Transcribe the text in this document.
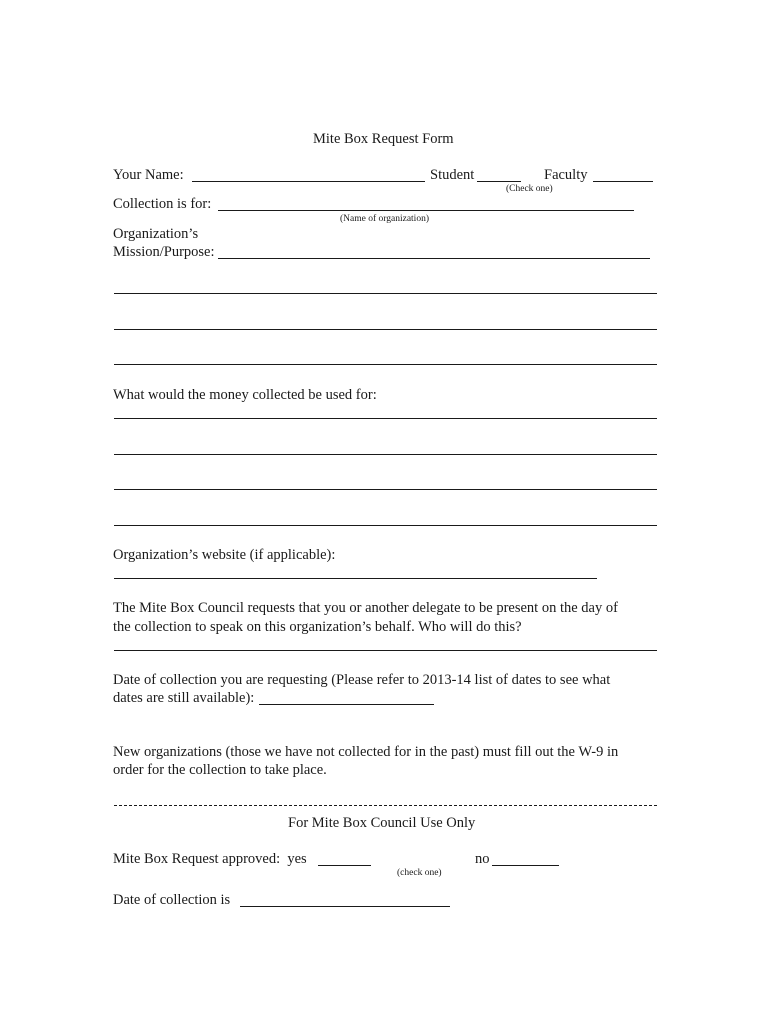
Mite Box Request Form
Your Name:	Student	Faculty
(Check one)
Collection is for:
(Name of organization)
Organization’s
Mission/Purpose:
What would the money collected be used for:
Organization’s website (if applicable):
The Mite Box Council requests that you or another delegate to be present on the day of
the collection to speak on this organization’s behalf. Who will do this?
Date of collection you are requesting (Please refer to 2013-14 list of dates to see what
dates are still available):
New organizations (those we have not collected for in the past) must fill out the W-9 in
order for the collection to take place.
For Mite Box Council Use Only
Mite Box Request approved:  yes	no
(check one)
Date of collection is
